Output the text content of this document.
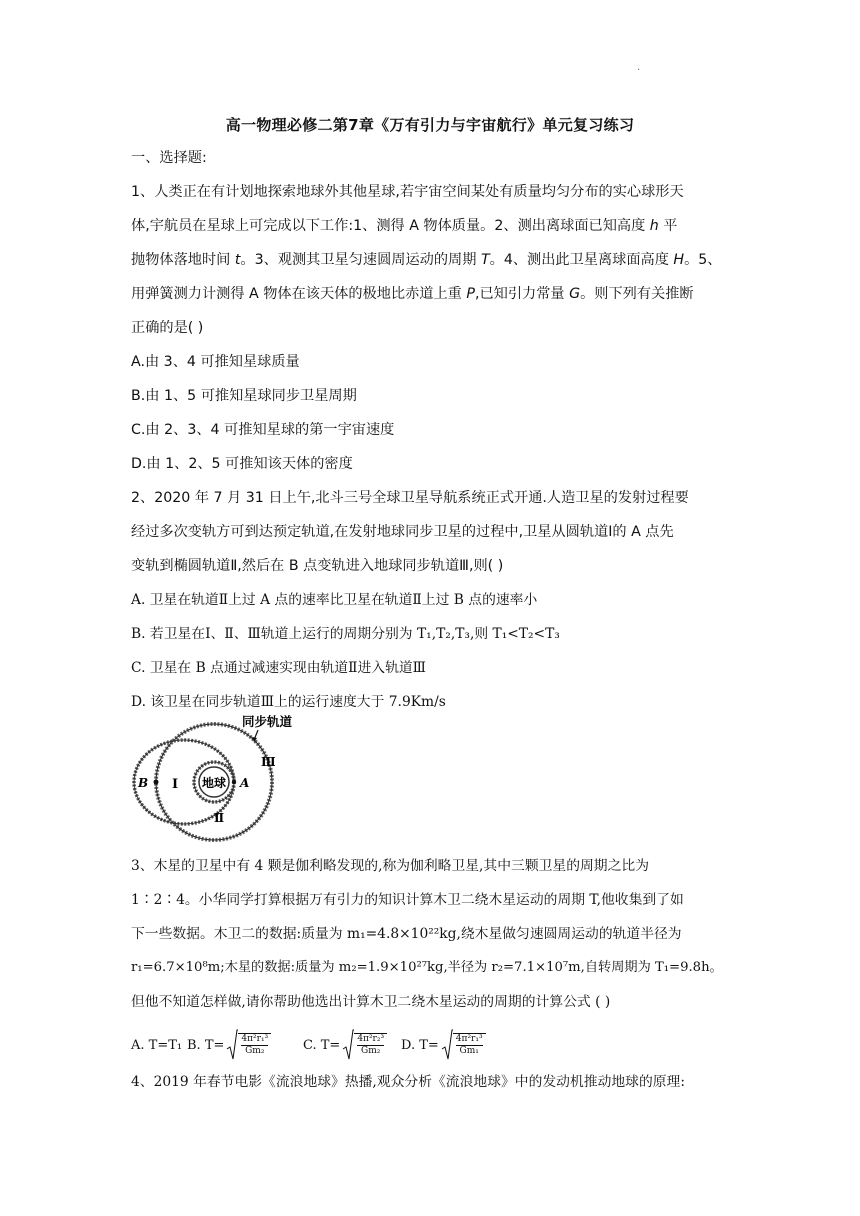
.
高一物理必修二第7章《万有引力与宇宙航行》单元复习练习
一、选择题:
1、人类正在有计划地探索地球外其他星球,若宇宙空间某处有质量均匀分布的实心球形天
体,宇航员在星球上可完成以下工作:1、测得 A 物体质量。2、测出离球面已知高度 h 平
抛物体落地时间 t。3、观测其卫星匀速圆周运动的周期 T。4、测出此卫星离球面高度 H。5、
用弹簧测力计测得 A 物体在该天体的极地比赤道上重 P,已知引力常量 G。则下列有关推断
正确的是( )
A.由 3、4 可推知星球质量
B.由 1、5 可推知星球同步卫星周期
C.由 2、3、4 可推知星球的第一宇宙速度
D.由 1、2、5 可推知该天体的密度
2、2020 年 7 月 31 日上午,北斗三号全球卫星导航系统正式开通.人造卫星的发射过程要
经过多次变轨方可到达预定轨道,在发射地球同步卫星的过程中,卫星从圆轨道Ⅰ的 A 点先
变轨到椭圆轨道Ⅱ,然后在 B 点变轨进入地球同步轨道Ⅲ,则( )
A. 卫星在轨道Ⅱ上过 A 点的速率比卫星在轨道Ⅱ上过 B 点的速率小
B. 若卫星在Ⅰ、Ⅱ、Ⅲ轨道上运行的周期分别为 T₁,T₂,T₃,则 T₁<T₂<T₃
C. 卫星在 B 点通过减速实现由轨道Ⅱ进入轨道Ⅲ
D. 该卫星在同步轨道Ⅲ上的运行速度大于 7.9Km/s
地球 A
B Ⅰ
Ⅱ
Ⅲ
同步轨道
3、木星的卫星中有 4 颗是伽利略发现的,称为伽利略卫星,其中三颗卫星的周期之比为
1∶2∶4。小华同学打算根据万有引力的知识计算木卫二绕木星运动的周期 T,他收集到了如
下一些数据。木卫二的数据:质量为 m₁=4.8×10²²kg,绕木星做匀速圆周运动的轨道半径为
r₁=6.7×10⁸m;木星的数据:质量为 m₂=1.9×10²⁷kg,半径为 r₂=7.1×10⁷m,自转周期为 T₁=9.8h。
但他不知道怎样做,请你帮助他选出计算木卫二绕木星运动的周期的计算公式 ( )
A. T=T₁ B. T= 4π²r₁³
Gm₂	C. T= 4π²r₂³
Gm₂ D. T= 4π²r₁³
Gm₁
4、2019 年春节电影《流浪地球》热播,观众分析《流浪地球》中的发动机推动地球的原理:
